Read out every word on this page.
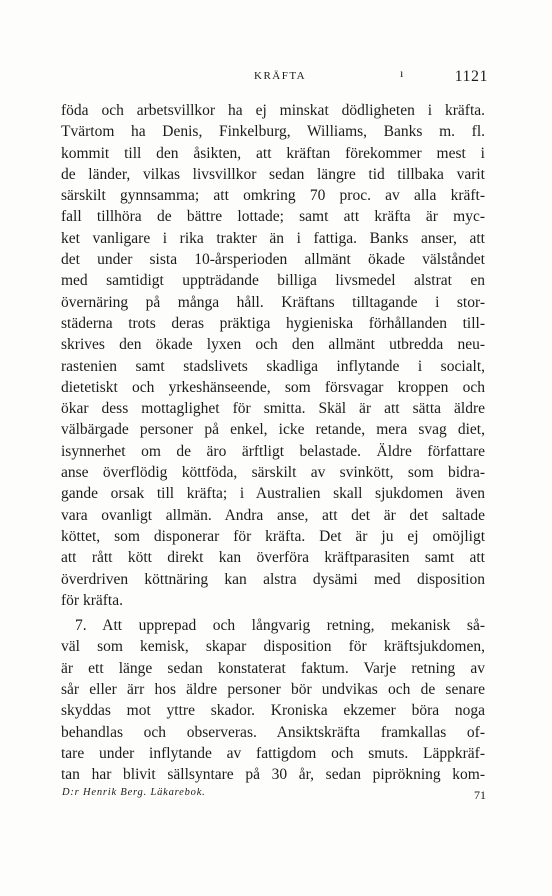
KRÄFTA	ı	1121
föda och arbetsvillkor ha ej minskat dödligheten i kräfta.
Tvärtom ha Denis, Finkelburg, Williams, Banks m. fl.
kommit till den åsikten, att kräftan förekommer mest i
de länder, vilkas livsvillkor sedan längre tid tillbaka varit
särskilt gynnsamma; att omkring 70 proc. av alla kräft-
fall tillhöra de bättre lottade; samt att kräfta är myc-
ket vanligare i rika trakter än i fattiga. Banks anser, att
det under sista 10-årsperioden allmänt ökade välståndet
med samtidigt uppträdande billiga livsmedel alstrat en
övernäring på många håll. Kräftans tilltagande i stor-
städerna trots deras präktiga hygieniska förhållanden till-
skrives den ökade lyxen och den allmänt utbredda neu-
rastenien samt stadslivets skadliga inflytande i socialt,
dietetiskt och yrkeshänseende, som försvagar kroppen och
ökar dess mottaglighet för smitta. Skäl är att sätta äldre
välbärgade personer på enkel, icke retande, mera svag diet,
isynnerhet om de äro ärftligt belastade. Äldre författare
anse överflödig köttföda, särskilt av svinkött, som bidra-
gande orsak till kräfta; i Australien skall sjukdomen även
vara ovanligt allmän. Andra anse, att det är det saltade
köttet, som disponerar för kräfta. Det är ju ej omöjligt
att rått kött direkt kan överföra kräftparasiten samt att
överdriven köttnäring kan alstra dysämi med disposition
för kräfta.
7. Att upprepad och långvarig retning, mekanisk så-
väl som kemisk, skapar disposition för kräftsjukdomen,
är ett länge sedan konstaterat faktum. Varje retning av
sår eller ärr hos äldre personer bör undvikas och de senare
skyddas mot yttre skador. Kroniska ekzemer böra noga
behandlas och observeras. Ansiktskräfta framkallas of-
tare under inflytande av fattigdom och smuts. Läppkräf-
tan har blivit sällsyntare på 30 år, sedan piprökning kom-
D:r Henrik Berg. Läkarebok.	71
